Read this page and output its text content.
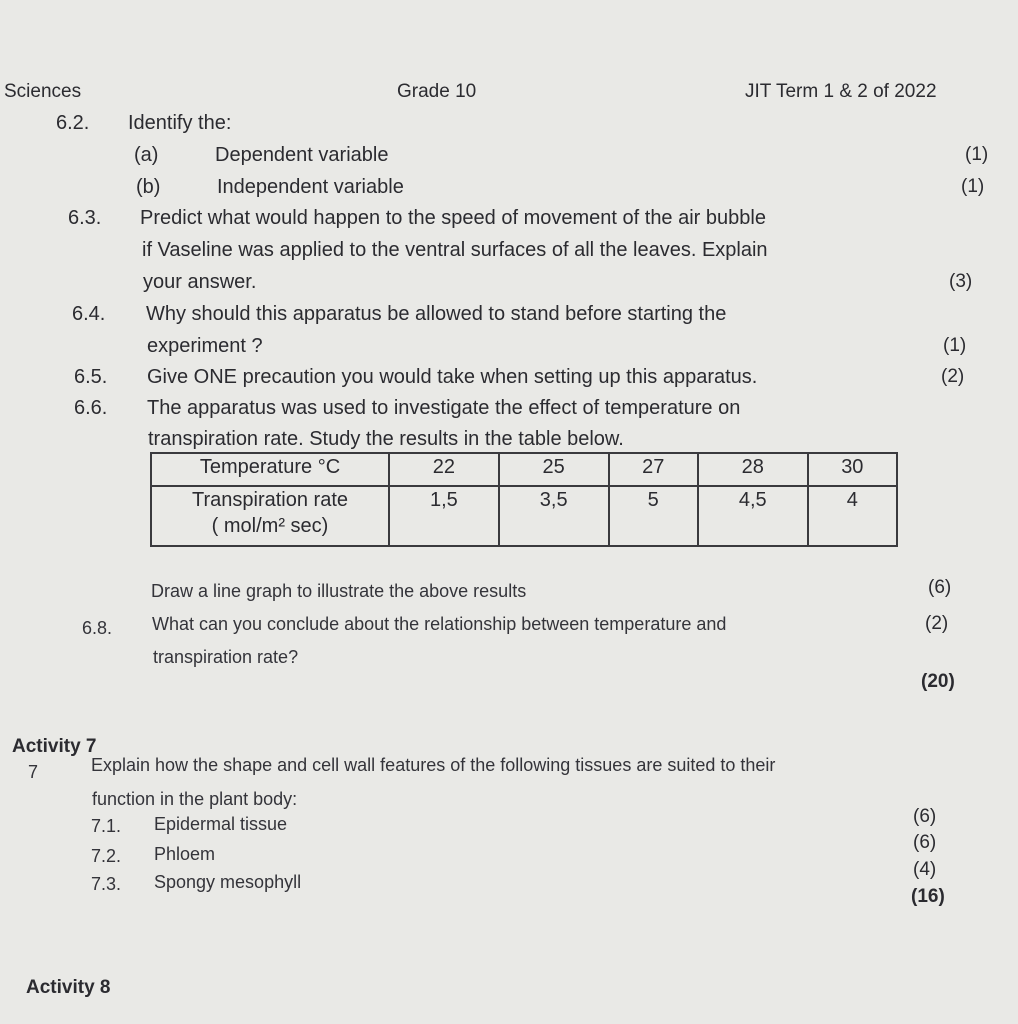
Sciences	Grade 10	JIT Term 1 & 2 of 2022
6.2. Identify the:
(a)	Dependent variable	(1)
(b)	Independent variable	(1)
6.3. Predict what would happen to the speed of movement of the air bubble
if Vaseline was applied to the ventral surfaces of all the leaves. Explain
your answer.	(3)
6.4. Why should this apparatus be allowed to stand before starting the
experiment ?	(1)
6.5. Give ONE precaution you would take when setting up this apparatus.	(2)
6.6. The apparatus was used to investigate the effect of temperature on
transpiration rate. Study the results in the table below.
Temperature °C	22	25	27	28	30

Transpiration rate
( mol/m² sec)	1,5	3,5	5	4,5	4
Draw a line graph to illustrate the above results	(6)
6.8. What can you conclude about the relationship between temperature and
transpiration rate?
(2)
(20)
Activity 7
7	Explain how the shape and cell wall features of the following tissues are suited to their
function in the plant body:
7.1. Epidermal tissue	(6)
7.2. Phloem
(6)
7.3. Spongy mesophyll
(4)
(16)
Activity 8
